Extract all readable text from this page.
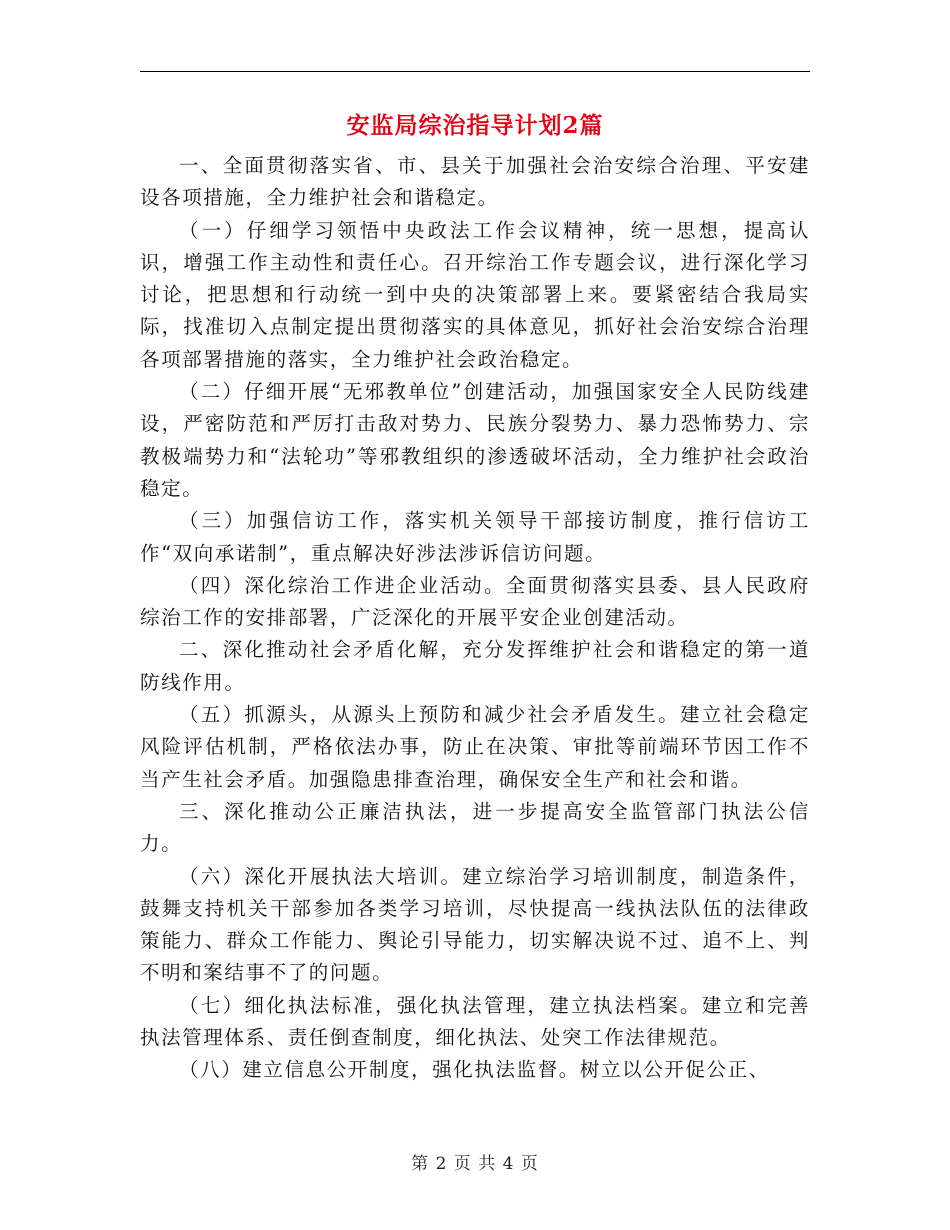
安监局综治指导计划2篇

一、全面贯彻落实省、市、县关于加强社会治安综合治理、平安建设各项措施，全力维护社会和谐稳定。

（一）仔细学习领悟中央政法工作会议精神，统一思想，提高认识，增强工作主动性和责任心。召开综治工作专题会议，进行深化学习讨论，把思想和行动统一到中央的决策部署上来。要紧密结合我局实际，找准切入点制定提出贯彻落实的具体意见，抓好社会治安综合治理各项部署措施的落实，全力维护社会政治稳定。

（二）仔细开展“无邪教单位”创建活动，加强国家安全人民防线建设，严密防范和严厉打击敌对势力、民族分裂势力、暴力恐怖势力、宗教极端势力和“法轮功”等邪教组织的渗透破坏活动，全力维护社会政治稳定。

（三）加强信访工作，落实机关领导干部接访制度，推行信访工作“双向承诺制”，重点解决好涉法涉诉信访问题。

（四）深化综治工作进企业活动。全面贯彻落实县委、县人民政府综治工作的安排部署，广泛深化的开展平安企业创建活动。

二、深化推动社会矛盾化解，充分发挥维护社会和谐稳定的第一道防线作用。

（五）抓源头，从源头上预防和减少社会矛盾发生。建立社会稳定风险评估机制，严格依法办事，防止在决策、审批等前端环节因工作不当产生社会矛盾。加强隐患排查治理，确保安全生产和社会和谐。

三、深化推动公正廉洁执法，进一步提高安全监管部门执法公信力。

（六）深化开展执法大培训。建立综治学习培训制度，制造条件，鼓舞支持机关干部参加各类学习培训，尽快提高一线执法队伍的法律政策能力、群众工作能力、舆论引导能力，切实解决说不过、追不上、判不明和案结事不了的问题。

（七）细化执法标准，强化执法管理，建立执法档案。建立和完善执法管理体系、责任倒查制度，细化执法、处突工作法律规范。

（八）建立信息公开制度，强化执法监督。树立以公开促公正、

第 2 页 共 4 页
